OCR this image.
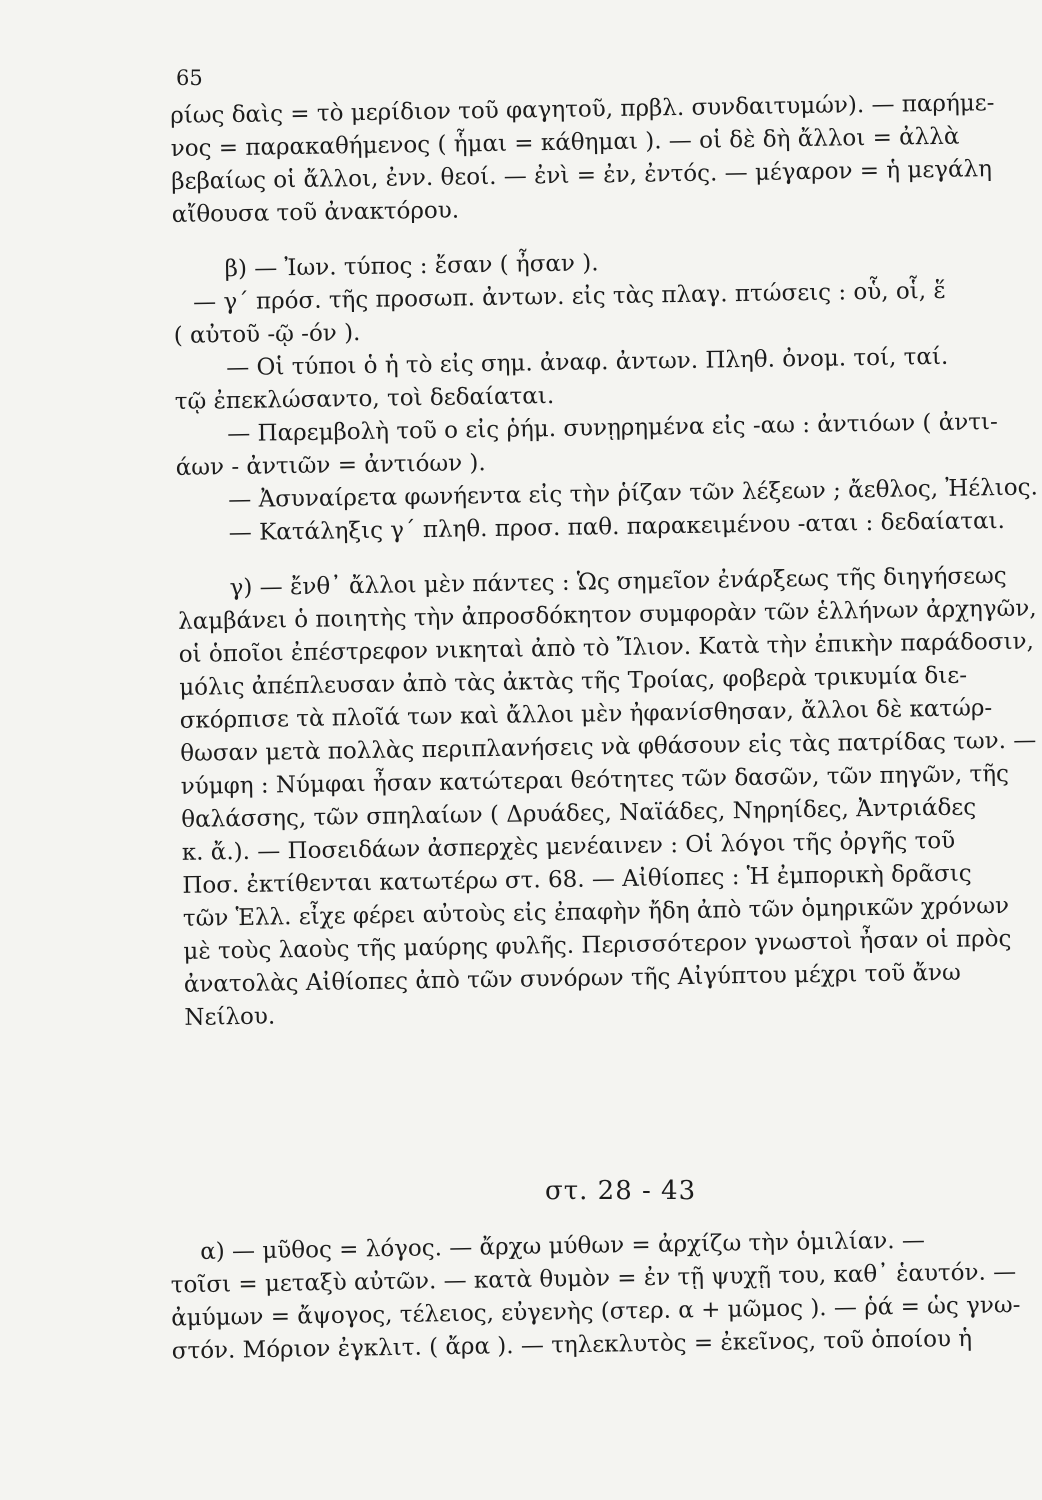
65
ρίως δαὶς = τὸ μερίδιον τοῦ φαγητοῦ, πρβλ. συνδαιτυμών). — παρήμε-
νος = παρακαθήμενος ( ἧμαι = κάθημαι ). — οἱ δὲ δὴ ἄλλοι = ἀλλὰ
βεβαίως οἱ ἄλλοι, ἐνν. θεοί. — ἐνὶ = ἐν, ἐντός. — μέγαρον = ἡ μεγάλη
αἴθουσα τοῦ ἀνακτόρου.
β) — Ἰων. τύπος : ἔσαν ( ἦσαν ).
— γ΄ πρόσ. τῆς προσωπ. ἀντων. εἰς τὰς πλαγ. πτώσεις : οὗ, οἷ, ἕ
( αὐτοῦ -ῷ -όν ).
— Οἱ τύποι ὁ ἡ τὸ εἰς σημ. ἀναφ. ἀντων. Πληθ. ὀνομ. τοί, ταί.
τῷ ἐπεκλώσαντο, τοὶ δεδαίαται.
— Παρεμβολὴ τοῦ ο εἰς ῥήμ. συνῃρημένα εἰς -αω : ἀντιόων ( ἀντι-
άων - ἀντιῶν = ἀντιόων ).
— Ἀσυναίρετα φωνήεντα εἰς τὴν ῥίζαν τῶν λέξεων ; ἄεθλος, Ἠέλιος.
— Κατάληξις γ΄ πληθ. προσ. παθ. παρακειμένου -αται : δεδαίαται.
γ) — ἔνθ᾿ ἄλλοι μὲν πάντες : Ὡς σημεῖον ἐνάρξεως τῆς διηγήσεως
λαμβάνει ὁ ποιητὴς τὴν ἀπροσδόκητον συμφορὰν τῶν ἑλλήνων ἀρχηγῶν,
οἱ ὁποῖοι ἐπέστρεφον νικηταὶ ἀπὸ τὸ Ἴλιον. Κατὰ τὴν ἐπικὴν παράδοσιν,
μόλις ἀπέπλευσαν ἀπὸ τὰς ἀκτὰς τῆς Τροίας, φοβερὰ τρικυμία διε-
σκόρπισε τὰ πλοῖά των καὶ ἄλλοι μὲν ἠφανίσθησαν, ἄλλοι δὲ κατώρ-
θωσαν μετὰ πολλὰς περιπλανήσεις νὰ φθάσουν εἰς τὰς πατρίδας των. —
νύμφη : Νύμφαι ἦσαν κατώτεραι θεότητες τῶν δασῶν, τῶν πηγῶν, τῆς
θαλάσσης, τῶν σπηλαίων ( Δρυάδες, Ναϊάδες, Νηρηίδες, Ἀντριάδες
κ. ἄ.). — Ποσειδάων ἀσπερχὲς μενέαινεν : Οἱ λόγοι τῆς ὀργῆς τοῦ
Ποσ. ἐκτίθενται κατωτέρω στ. 68. — Αἰθίοπες : Ἡ ἐμπορικὴ δρᾶσις
τῶν Ἑλλ. εἶχε φέρει αὐτοὺς εἰς ἐπαφὴν ἤδη ἀπὸ τῶν ὁμηρικῶν χρόνων
μὲ τοὺς λαοὺς τῆς μαύρης φυλῆς. Περισσότερον γνωστοὶ ἦσαν οἱ πρὸς
ἀνατολὰς Αἰθίοπες ἀπὸ τῶν συνόρων τῆς Αἰγύπτου μέχρι τοῦ ἄνω
Νείλου.
στ. 28 - 43
α) — μῦθος = λόγος. — ἄρχω μύθων = ἀρχίζω τὴν ὁμιλίαν. —
τοῖσι = μεταξὺ αὐτῶν. — κατὰ θυμὸν = ἐν τῇ ψυχῇ του, καθ᾿ ἑαυτόν. —
ἀμύμων = ἄψογος, τέλειος, εὐγενὴς (στερ. α + μῶμος ). — ῥά = ὡς γνω-
στόν. Μόριον ἐγκλιτ. ( ἄρα ). — τηλεκλυτὸς = ἐκεῖνος, τοῦ ὁποίου ἡ
